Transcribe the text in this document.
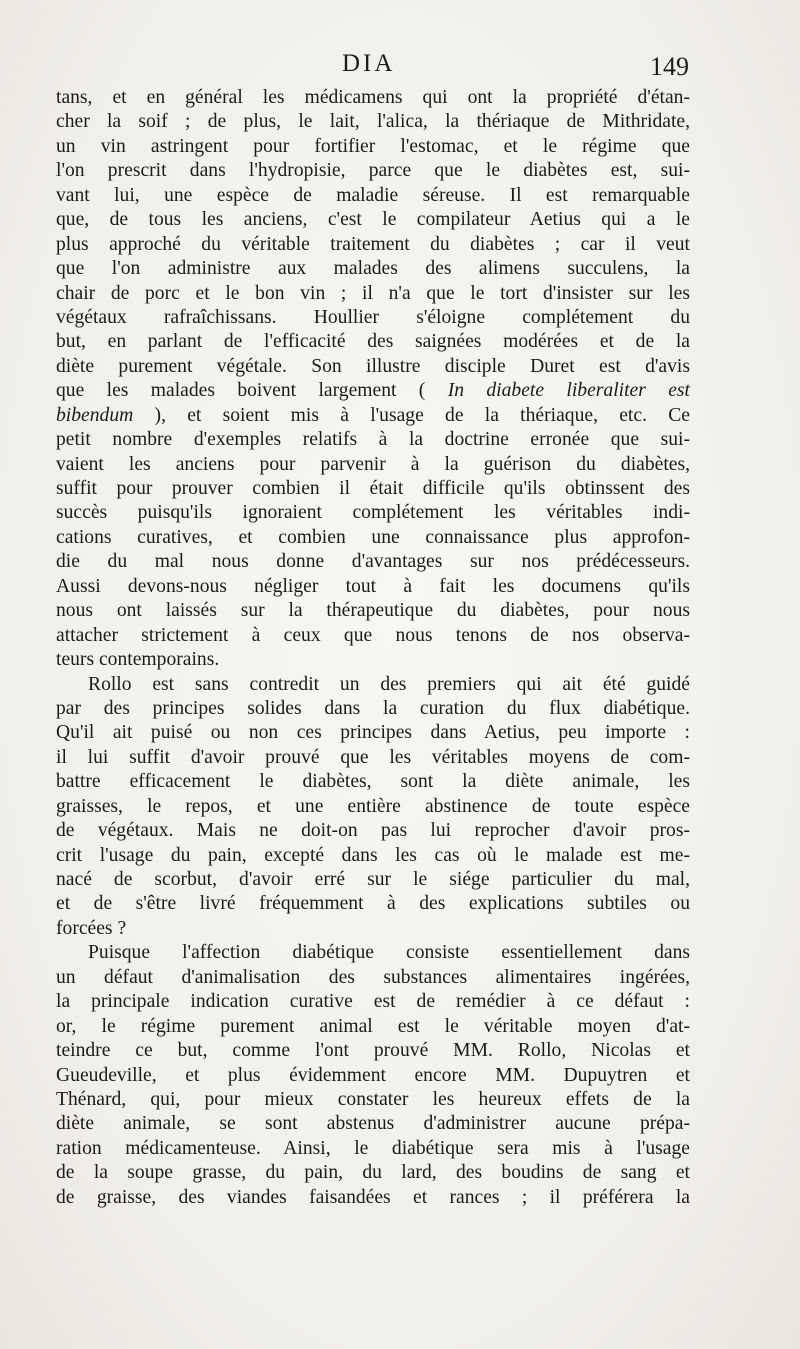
DIA	149
tans, et en général les médicamens qui ont la propriété d'étan-
cher la soif ; de plus, le lait, l'alica, la thériaque de Mithridate,
un vin astringent pour fortifier l'estomac, et le régime que
l'on prescrit dans l'hydropisie, parce que le diabètes est, sui-
vant lui, une espèce de maladie séreuse. Il est remarquable
que, de tous les anciens, c'est le compilateur Aetius qui a le
plus approché du véritable traitement du diabètes ; car il veut
que l'on administre aux malades des alimens succulens, la
chair de porc et le bon vin ; il n'a que le tort d'insister sur les
végétaux rafraîchissans. Houllier s'éloigne complétement du
but, en parlant de l'efficacité des saignées modérées et de la
diète purement végétale. Son illustre disciple Duret est d'avis
que les malades boivent largement ( In diabete liberaliter est
bibendum ), et soient mis à l'usage de la thériaque, etc. Ce
petit nombre d'exemples relatifs à la doctrine erronée que sui-
vaient les anciens pour parvenir à la guérison du diabètes,
suffit pour prouver combien il était difficile qu'ils obtinssent des
succès puisqu'ils ignoraient complétement les véritables indi-
cations curatives, et combien une connaissance plus approfon-
die du mal nous donne d'avantages sur nos prédécesseurs.
Aussi devons-nous négliger tout à fait les documens qu'ils
nous ont laissés sur la thérapeutique du diabètes, pour nous
attacher strictement à ceux que nous tenons de nos observa-
teurs contemporains.
Rollo est sans contredit un des premiers qui ait été guidé
par des principes solides dans la curation du flux diabétique.
Qu'il ait puisé ou non ces principes dans Aetius, peu importe :
il lui suffit d'avoir prouvé que les véritables moyens de com-
battre efficacement le diabètes, sont la diète animale, les
graisses, le repos, et une entière abstinence de toute espèce
de végétaux. Mais ne doit-on pas lui reprocher d'avoir pros-
crit l'usage du pain, excepté dans les cas où le malade est me-
nacé de scorbut, d'avoir erré sur le siége particulier du mal,
et de s'être livré fréquemment à des explications subtiles ou
forcées ?
Puisque l'affection diabétique consiste essentiellement dans
un défaut d'animalisation des substances alimentaires ingérées,
la principale indication curative est de remédier à ce défaut :
or, le régime purement animal est le véritable moyen d'at-
teindre ce but, comme l'ont prouvé MM. Rollo, Nicolas et
Gueudeville, et plus évidemment encore MM. Dupuytren et
Thénard, qui, pour mieux constater les heureux effets de la
diète animale, se sont abstenus d'administrer aucune prépa-
ration médicamenteuse. Ainsi, le diabétique sera mis à l'usage
de la soupe grasse, du pain, du lard, des boudins de sang et
de graisse, des viandes faisandées et rances ; il préférera la
